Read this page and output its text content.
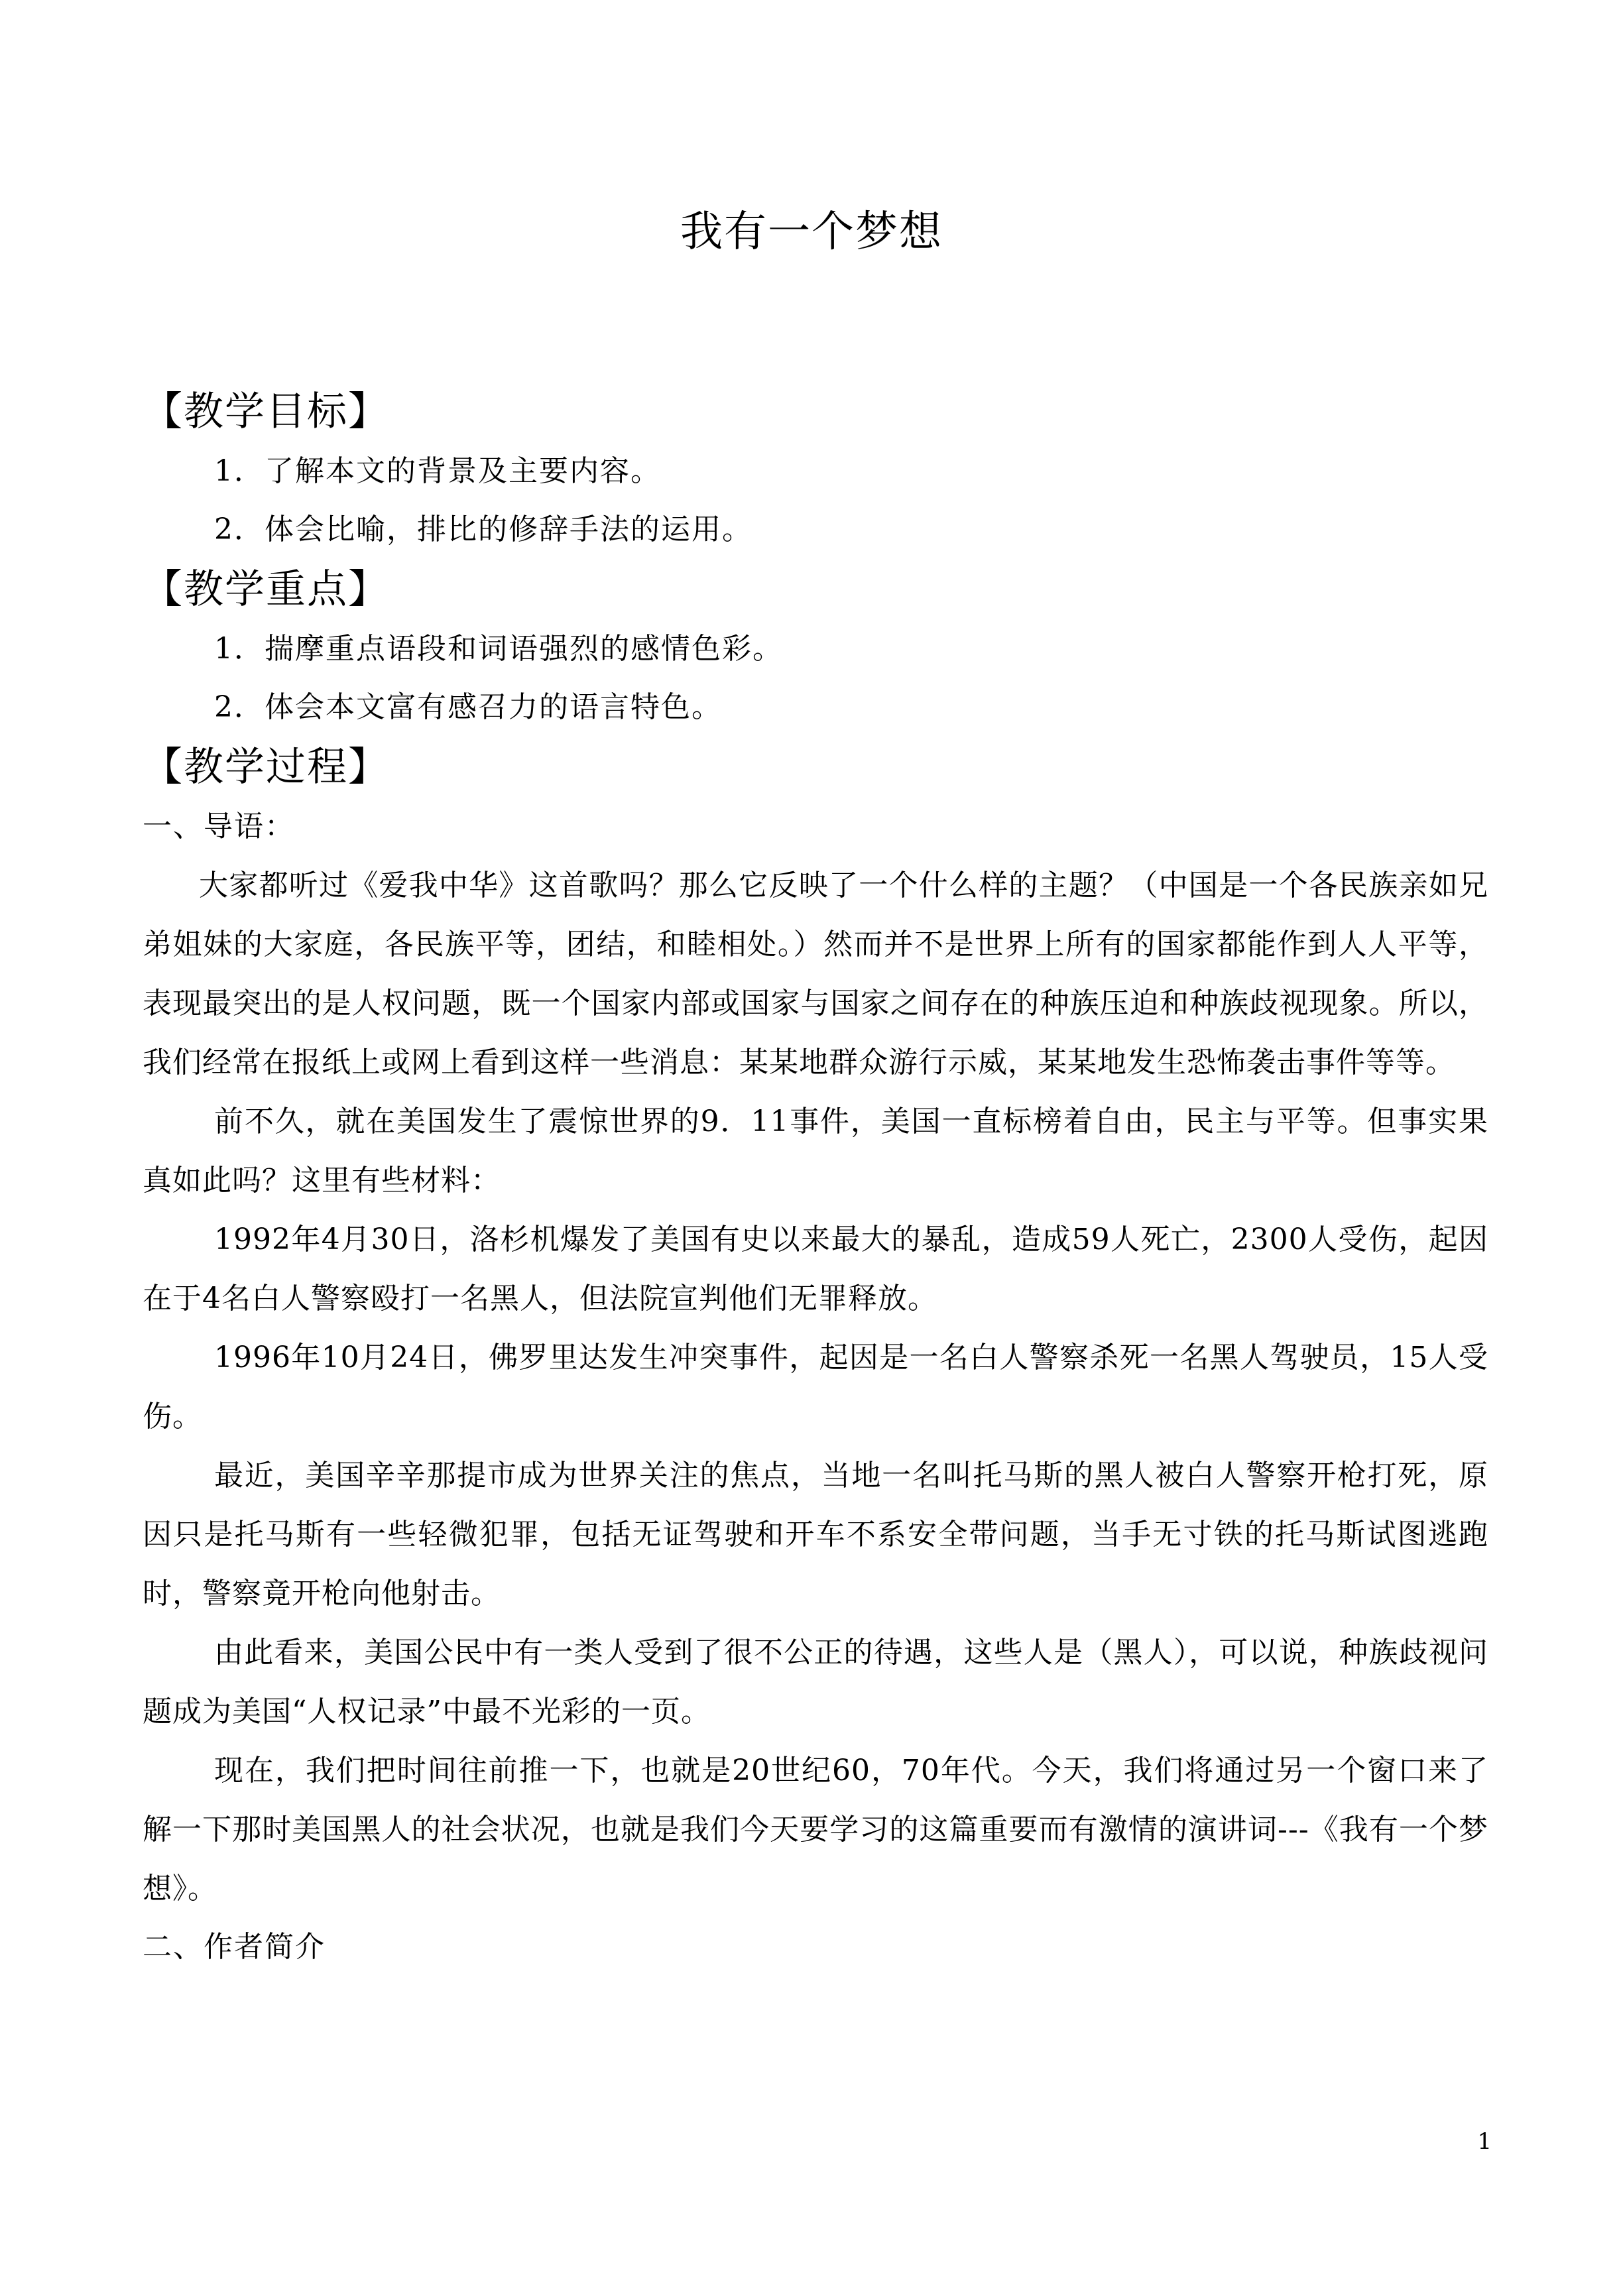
我有一个梦想
【教学目标】
1．了解本文的背景及主要内容。
2．体会比喻，排比的修辞手法的运用。
【教学重点】
1．揣摩重点语段和词语强烈的感情色彩。
2．体会本文富有感召力的语言特色。
【教学过程】
一、导语：

大家都听过《爱我中华》这首歌吗？那么它反映了一个什么样的主题？（中国是一个各民族亲如兄弟姐妹的大家庭，各民族平等，团结，和睦相处。）然而并不是世界上所有的国家都能作到人人平等，表现最突出的是人权问题，既一个国家内部或国家与国家之间存在的种族压迫和种族歧视现象。所以，我们经常在报纸上或网上看到这样一些消息：某某地群众游行示威，某某地发生恐怖袭击事件等等。

前不久，就在美国发生了震惊世界的9．11事件，美国一直标榜着自由，民主与平等。但事实果真如此吗？这里有些材料：

1992年4月30日，洛杉机爆发了美国有史以来最大的暴乱，造成59人死亡，2300人受伤，起因在于4名白人警察殴打一名黑人，但法院宣判他们无罪释放。

1996年10月24日，佛罗里达发生冲突事件，起因是一名白人警察杀死一名黑人驾驶员，15人受伤。

最近，美国辛辛那提市成为世界关注的焦点，当地一名叫托马斯的黑人被白人警察开枪打死，原因只是托马斯有一些轻微犯罪，包括无证驾驶和开车不系安全带问题，当手无寸铁的托马斯试图逃跑时，警察竟开枪向他射击。

由此看来，美国公民中有一类人受到了很不公正的待遇，这些人是（黑人），可以说，种族歧视问题成为美国“人权记录”中最不光彩的一页。

现在，我们把时间往前推一下，也就是20世纪60，70年代。今天，我们将通过另一个窗口来了解一下那时美国黑人的社会状况，也就是我们今天要学习的这篇重要而有激情的演讲词---《我有一个梦想》。

二、作者简介
1
